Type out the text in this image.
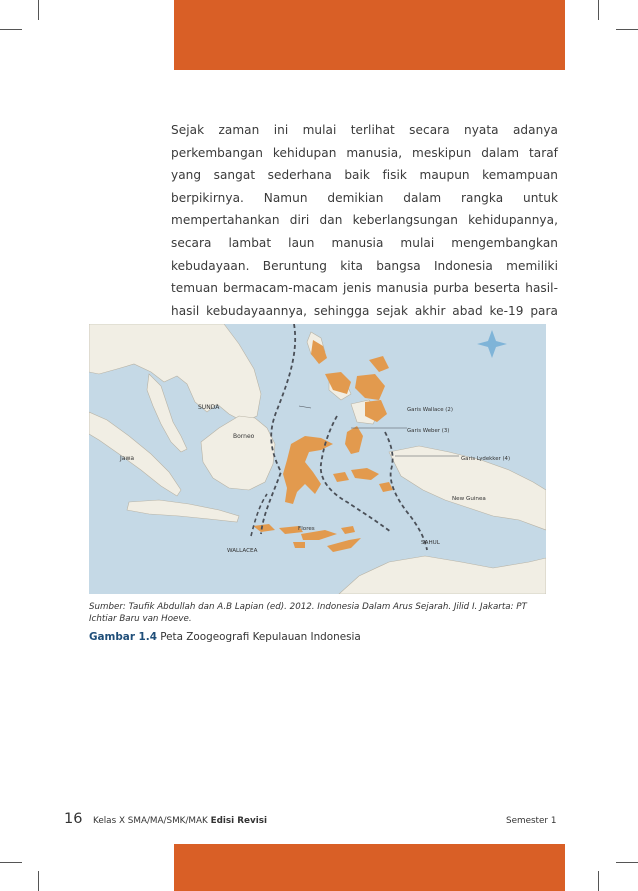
Sejak zaman ini mulai terlihat secara nyata adanya perkembangan kehidupan manusia, meskipun dalam taraf yang sangat sederhana baik fisik maupun kemampuan berpikirnya. Namun demikian dalam rangka untuk mempertahankan diri dan keberlangsungan kehidupannya, secara lambat laun manusia mulai mengembangkan kebudayaan. Beruntung kita bangsa Indonesia memiliki temuan bermacam-macam jenis manusia purba beserta hasil-hasil kebudayaannya, sehingga sejak akhir abad ke-19 para

SUNDA
Borneo
Jawa
Flores
WALLACEA
SAHUL
New Guinea
Garis Wallace (2)
Garis Weber (3)
Garis Lydekker (4)
Sumber: Taufik Abdullah dan A.B Lapian (ed). 2012. Indonesia Dalam Arus Sejarah. Jilid I. Jakarta: PT Ichtiar Baru van Hoeve.
Gambar 1.4 Peta Zoogeografi Kepulauan Indonesia
16 Kelas X SMA/MA/SMK/MAK Edisi Revisi	Semester 1
